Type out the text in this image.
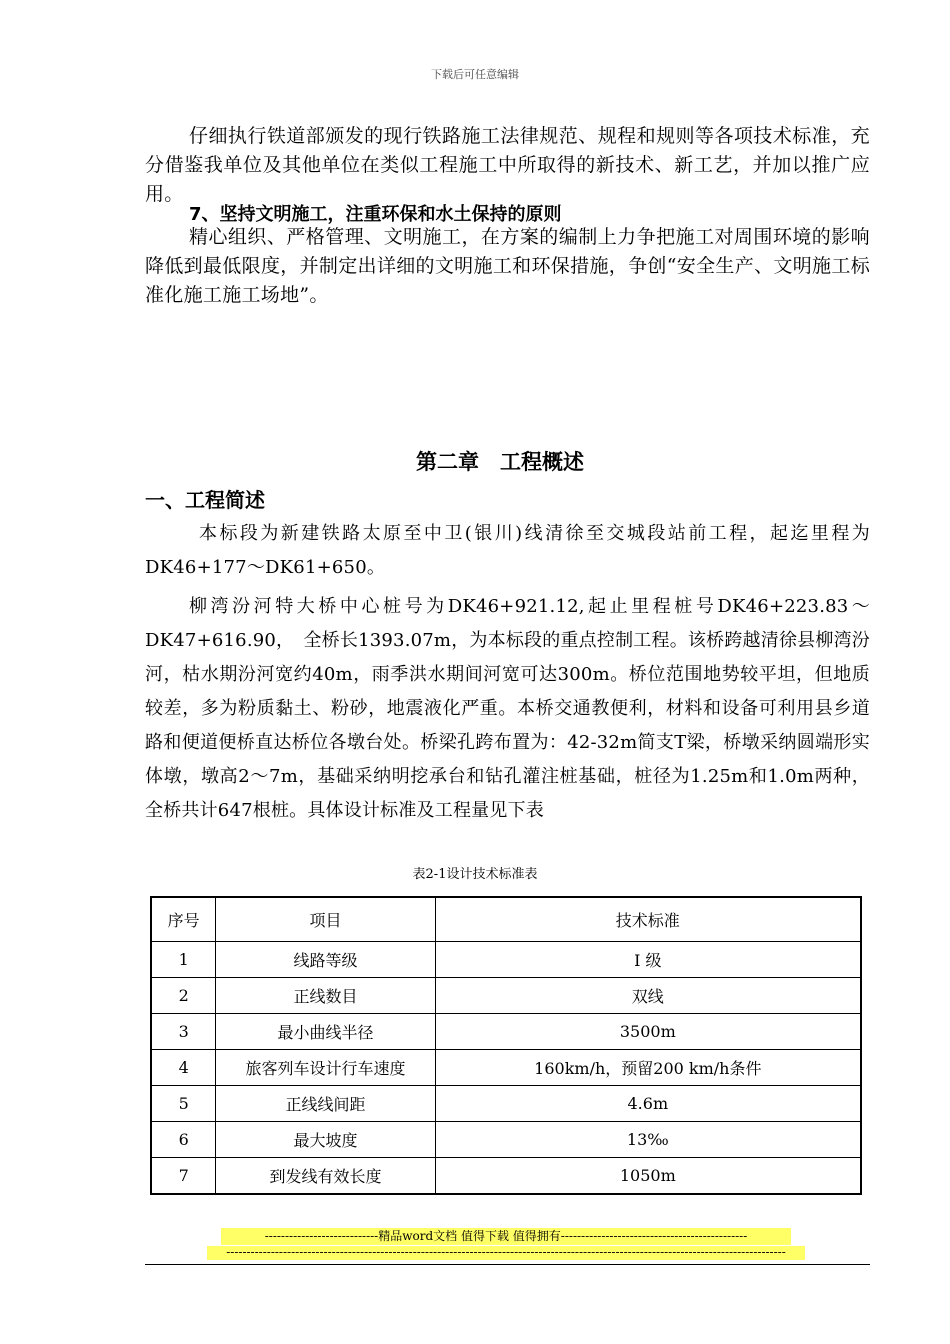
下载后可任意编辑

仔细执行铁道部颁发的现行铁路施工法律规范、规程和规则等各项技术标准，充分借鉴我单位及其他单位在类似工程施工中所取得的新技术、新工艺，并加以推广应用。

7、坚持文明施工，注重环保和水土保持的原则

精心组织、严格管理、文明施工，在方案的编制上力争把施工对周围环境的影响降低到最低限度，并制定出详细的文明施工和环保措施，争创“安全生产、文明施工标准化施工施工场地”。

第二章　工程概述
一、工程简述

本标段为新建铁路太原至中卫(银川)线清徐至交城段站前工程，起迄里程为DK46+177～DK61+650。

柳湾汾河特大桥中心桩号为DK46+921.12,起止里程桩号DK46+223.83～DK47+616.90，　全桥长1393.07m，为本标段的重点控制工程。该桥跨越清徐县柳湾汾河，枯水期汾河宽约40m，雨季洪水期间河宽可达300m。桥位范围地势较平坦，但地质较差，多为粉质黏土、粉砂，地震液化严重。本桥交通教便利，材料和设备可利用县乡道路和便道便桥直达桥位各墩台处。桥梁孔跨布置为：42-32m简支T梁，桥墩采纳圆端形实体墩，墩高2～7m，基础采纳明挖承台和钻孔灌注桩基础，桩径为1.25m和1.0m两种，全桥共计647根桩。具体设计标准及工程量见下表

表2-1设计技术标准表
序号	项目	技术标准
1	线路等级	Ⅰ 级
2	正线数目	双线
3	最小曲线半径	3500m
4	旅客列车设计行车速度	160km/h，预留200 km/h条件
5	正线线间距	4.6m
6	最大坡度	13‰
7	到发线有效长度	1050m
----------------------------精品word文档 值得下载 值得拥有----------------------------------------------
------------------------------------------------------------------------------------------------------------------------------------------
